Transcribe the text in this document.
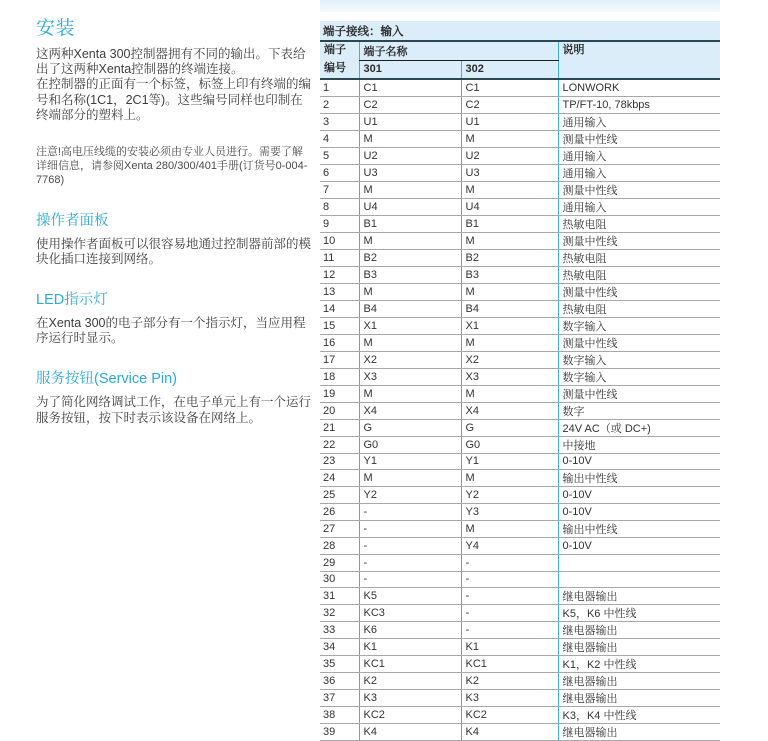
安装

这两种Xenta 300控制器拥有不同的输出。下表给出了这两种Xenta控制器的终端连接。

在控制器的正面有一个标签，标签上印有终端的编号和名称(1C1，2C1等)。这些编号同样也印制在终端部分的塑料上。

注意!高电压线缆的安装必须由专业人员进行。需要了解详细信息，请参阅Xenta 280/300/401手册(订货号0-004-7768)

操作者面板

使用操作者面板可以很容易地通过控制器前部的模块化插口连接到网络。

LED指示灯

在Xenta 300的电子部分有一个指示灯，当应用程序运行时显示。

服务按钮(Service Pin)

为了简化网络调试工作，在电子单元上有一个运行服务按钮，按下时表示该设备在网络上。

端子接线：输入			

端子
编号	端子名称		说明
	301	302	
1	C1	C1	LONWORK
2	C2	C2	TP/FT-10, 78kbps
3	U1	U1	通用输入
4	M	M	测量中性线
5	U2	U2	通用输入
6	U3	U3	通用输入
7	M	M	测量中性线
8	U4	U4	通用输入
9	B1	B1	热敏电阻
10	M	M	测量中性线
11	B2	B2	热敏电阻
12	B3	B3	热敏电阻
13	M	M	测量中性线
14	B4	B4	热敏电阻
15	X1	X1	数字输入
16	M	M	测量中性线
17	X2	X2	数字输入
18	X3	X3	数字输入
19	M	M	测量中性线
20	X4	X4	数字
21	G	G	24V AC（或 DC+)
22	G0	G0	中接地
23	Y1	Y1	0-10V
24	M	M	输出中性线
25	Y2	Y2	0-10V
26	-	Y3	0-10V
27	-	M	输出中性线
28	-	Y4	0-10V
29	-	-	
30	-	-	
31	K5	-	继电器输出
32	KC3	-	K5，K6 中性线
33	K6	-	继电器输出
34	K1	K1	继电器输出
35	KC1	KC1	K1，K2 中性线
36	K2	K2	继电器输出
37	K3	K3	继电器输出
38	KC2	KC2	K3，K4 中性线
39	K4	K4	继电器输出
